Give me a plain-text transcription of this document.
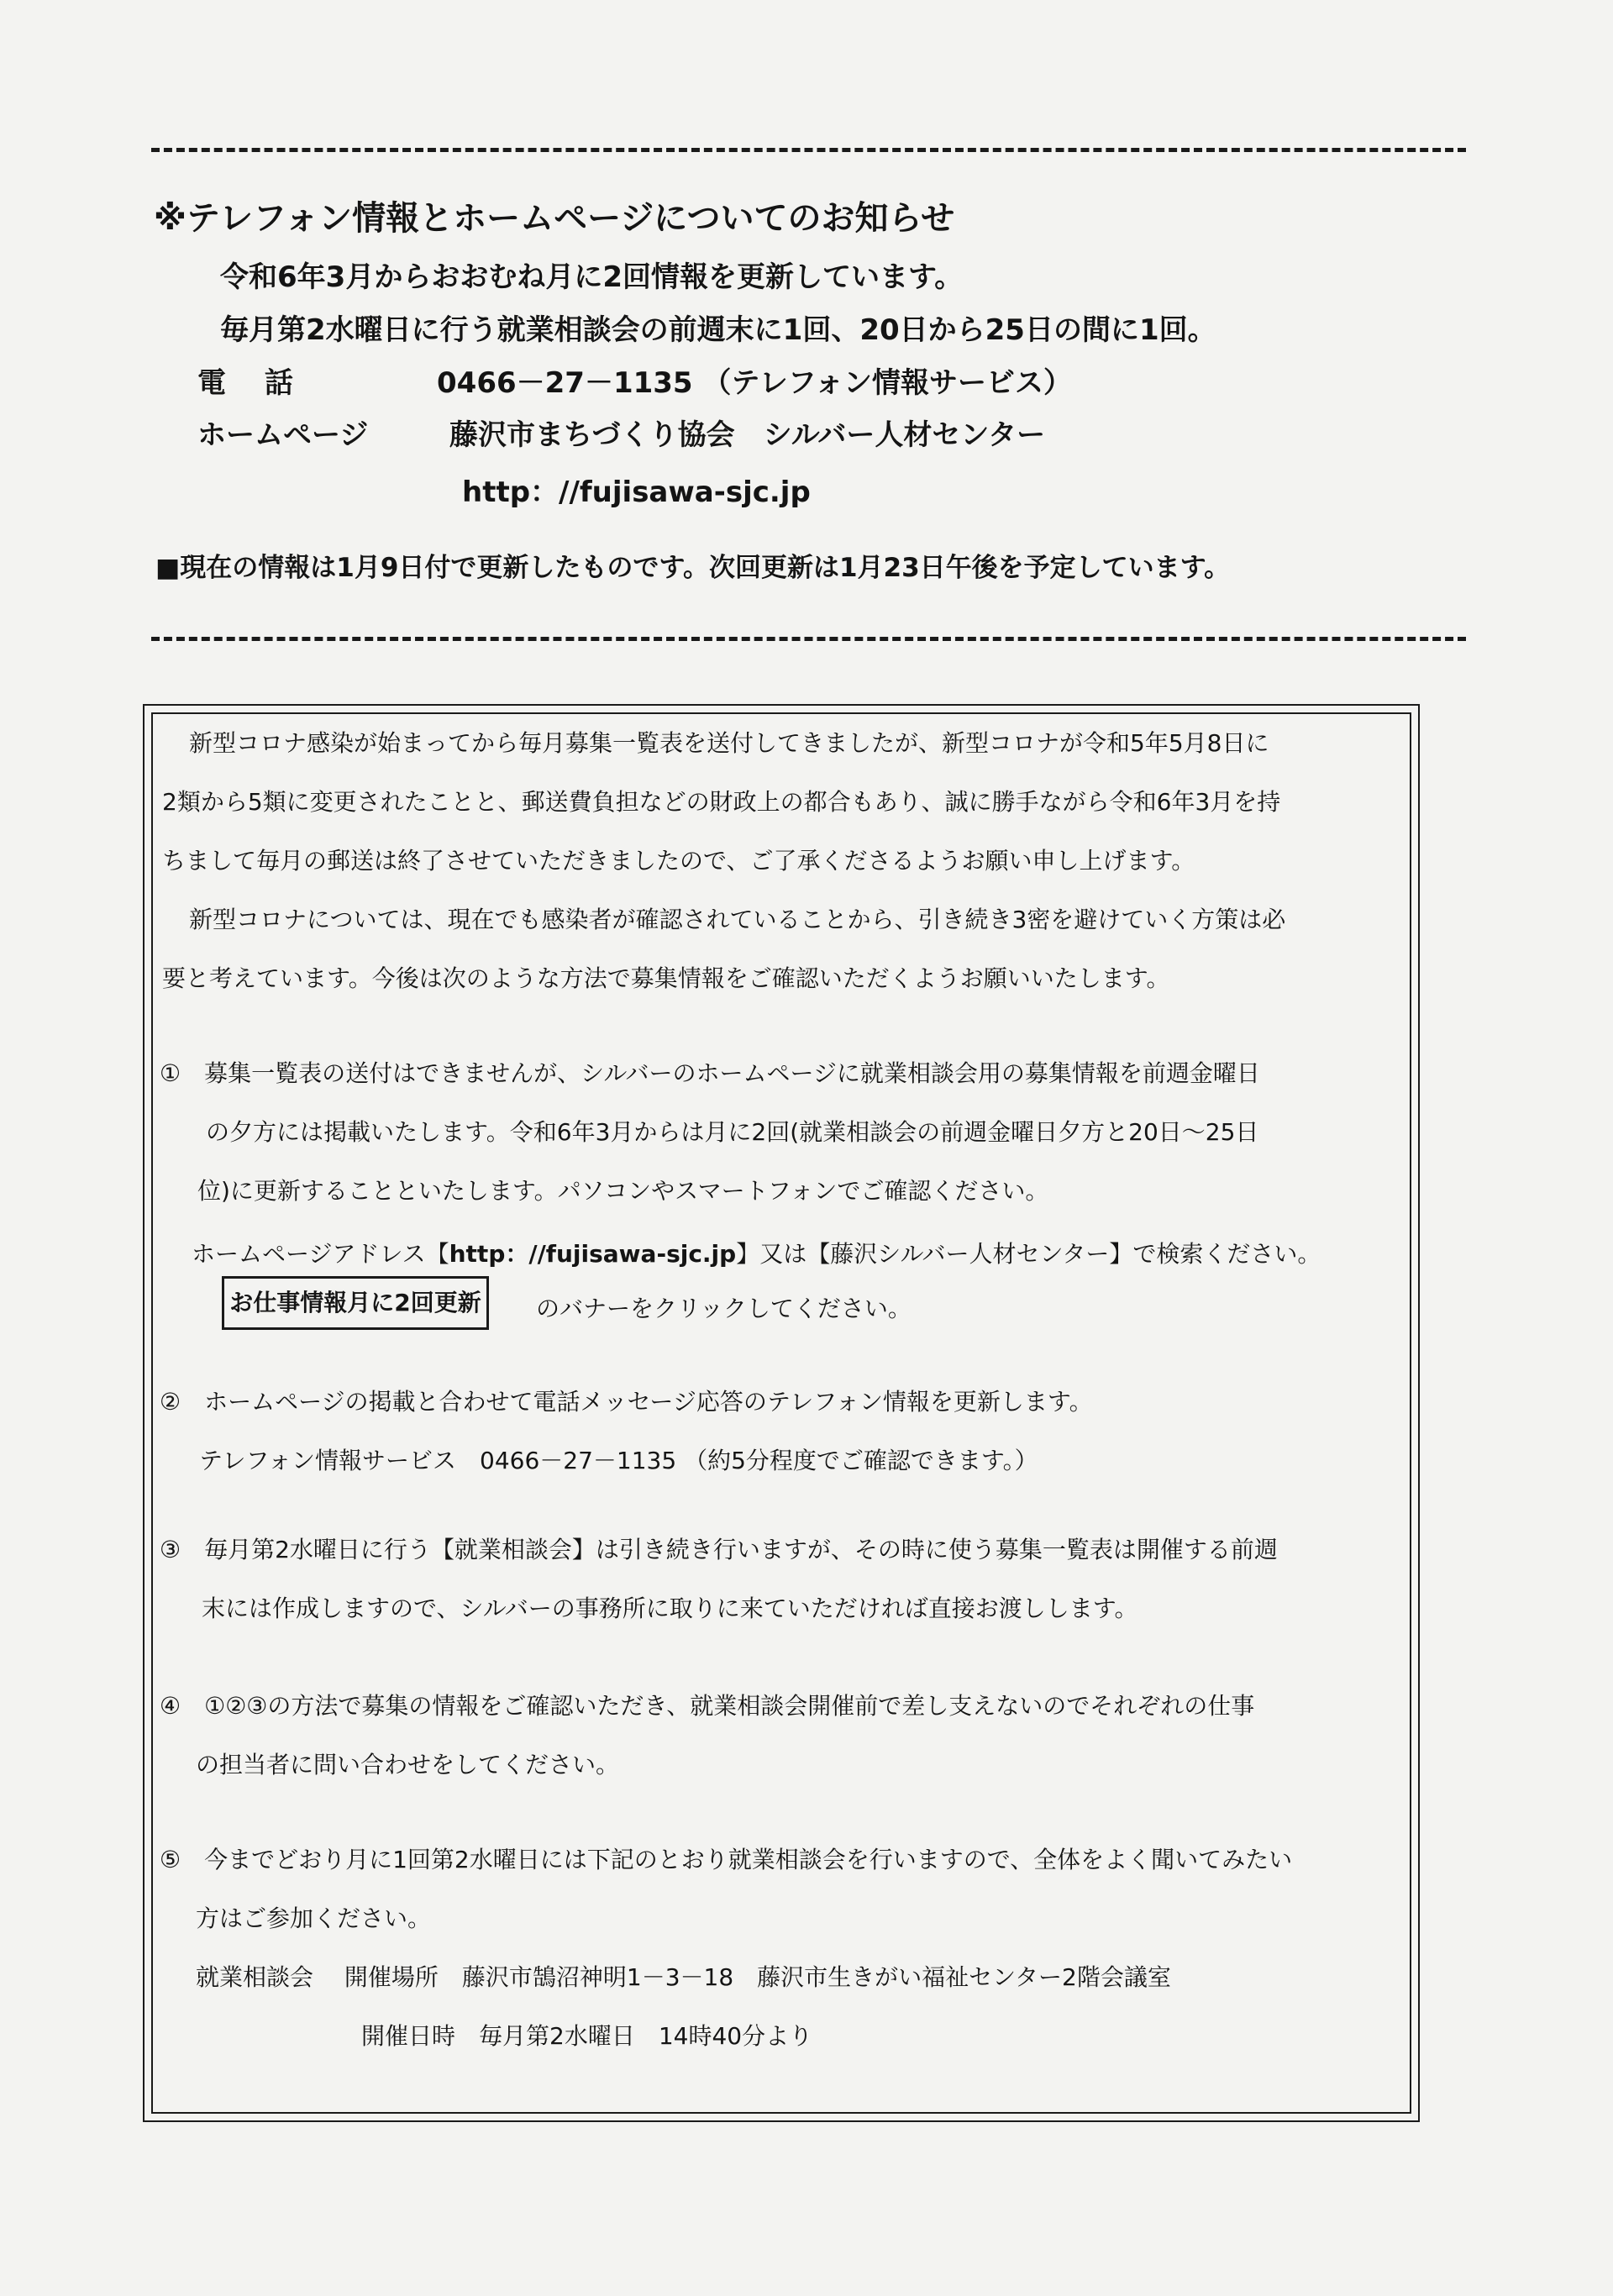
※テレフォン情報とホームページについてのお知らせ
令和6年3月からおおむね月に2回情報を更新しています。
毎月第2水曜日に行う就業相談会の前週末に1回、20日から25日の間に1回。
電　 話	0466－27－1135 （テレフォン情報サービス）
ホームページ	藤沢市まちづくり協会　シルバー人材センター
http：//fujisawa-sjc.jp
■現在の情報は1月9日付で更新したものです。次回更新は1月23日午後を予定しています。
新型コロナ感染が始まってから毎月募集一覧表を送付してきましたが、新型コロナが令和5年5月8日に
2類から5類に変更されたことと、郵送費負担などの財政上の都合もあり、誠に勝手ながら令和6年3月を持
ちまして毎月の郵送は終了させていただきましたので、ご了承くださるようお願い申し上げます。
新型コロナについては、現在でも感染者が確認されていることから、引き続き3密を避けていく方策は必
要と考えています。今後は次のような方法で募集情報をご確認いただくようお願いいたします。
①　募集一覧表の送付はできませんが、シルバーのホームページに就業相談会用の募集情報を前週金曜日
の夕方には掲載いたします。令和6年3月からは月に2回(就業相談会の前週金曜日夕方と20日～25日
位)に更新することといたします。パソコンやスマートフォンでご確認ください。
ホームページアドレス【http：//fujisawa-sjc.jp】又は【藤沢シルバー人材センター】で検索ください。
お仕事情報月に2回更新	のバナーをクリックしてください。
②　ホームページの掲載と合わせて電話メッセージ応答のテレフォン情報を更新します。
テレフォン情報サービス　0466－27－1135 （約5分程度でご確認できます。）
③　毎月第2水曜日に行う【就業相談会】は引き続き行いますが、その時に使う募集一覧表は開催する前週
末には作成しますので、シルバーの事務所に取りに来ていただければ直接お渡しします。
④　①②③の方法で募集の情報をご確認いただき、就業相談会開催前で差し支えないのでそれぞれの仕事
の担当者に問い合わせをしてください。
⑤　今までどおり月に1回第2水曜日には下記のとおり就業相談会を行いますので、全体をよく聞いてみたい
方はご参加ください。
就業相談会　 開催場所　藤沢市鵠沼神明1－3－18　藤沢市生きがい福祉センター2階会議室
開催日時　毎月第2水曜日　14時40分より
